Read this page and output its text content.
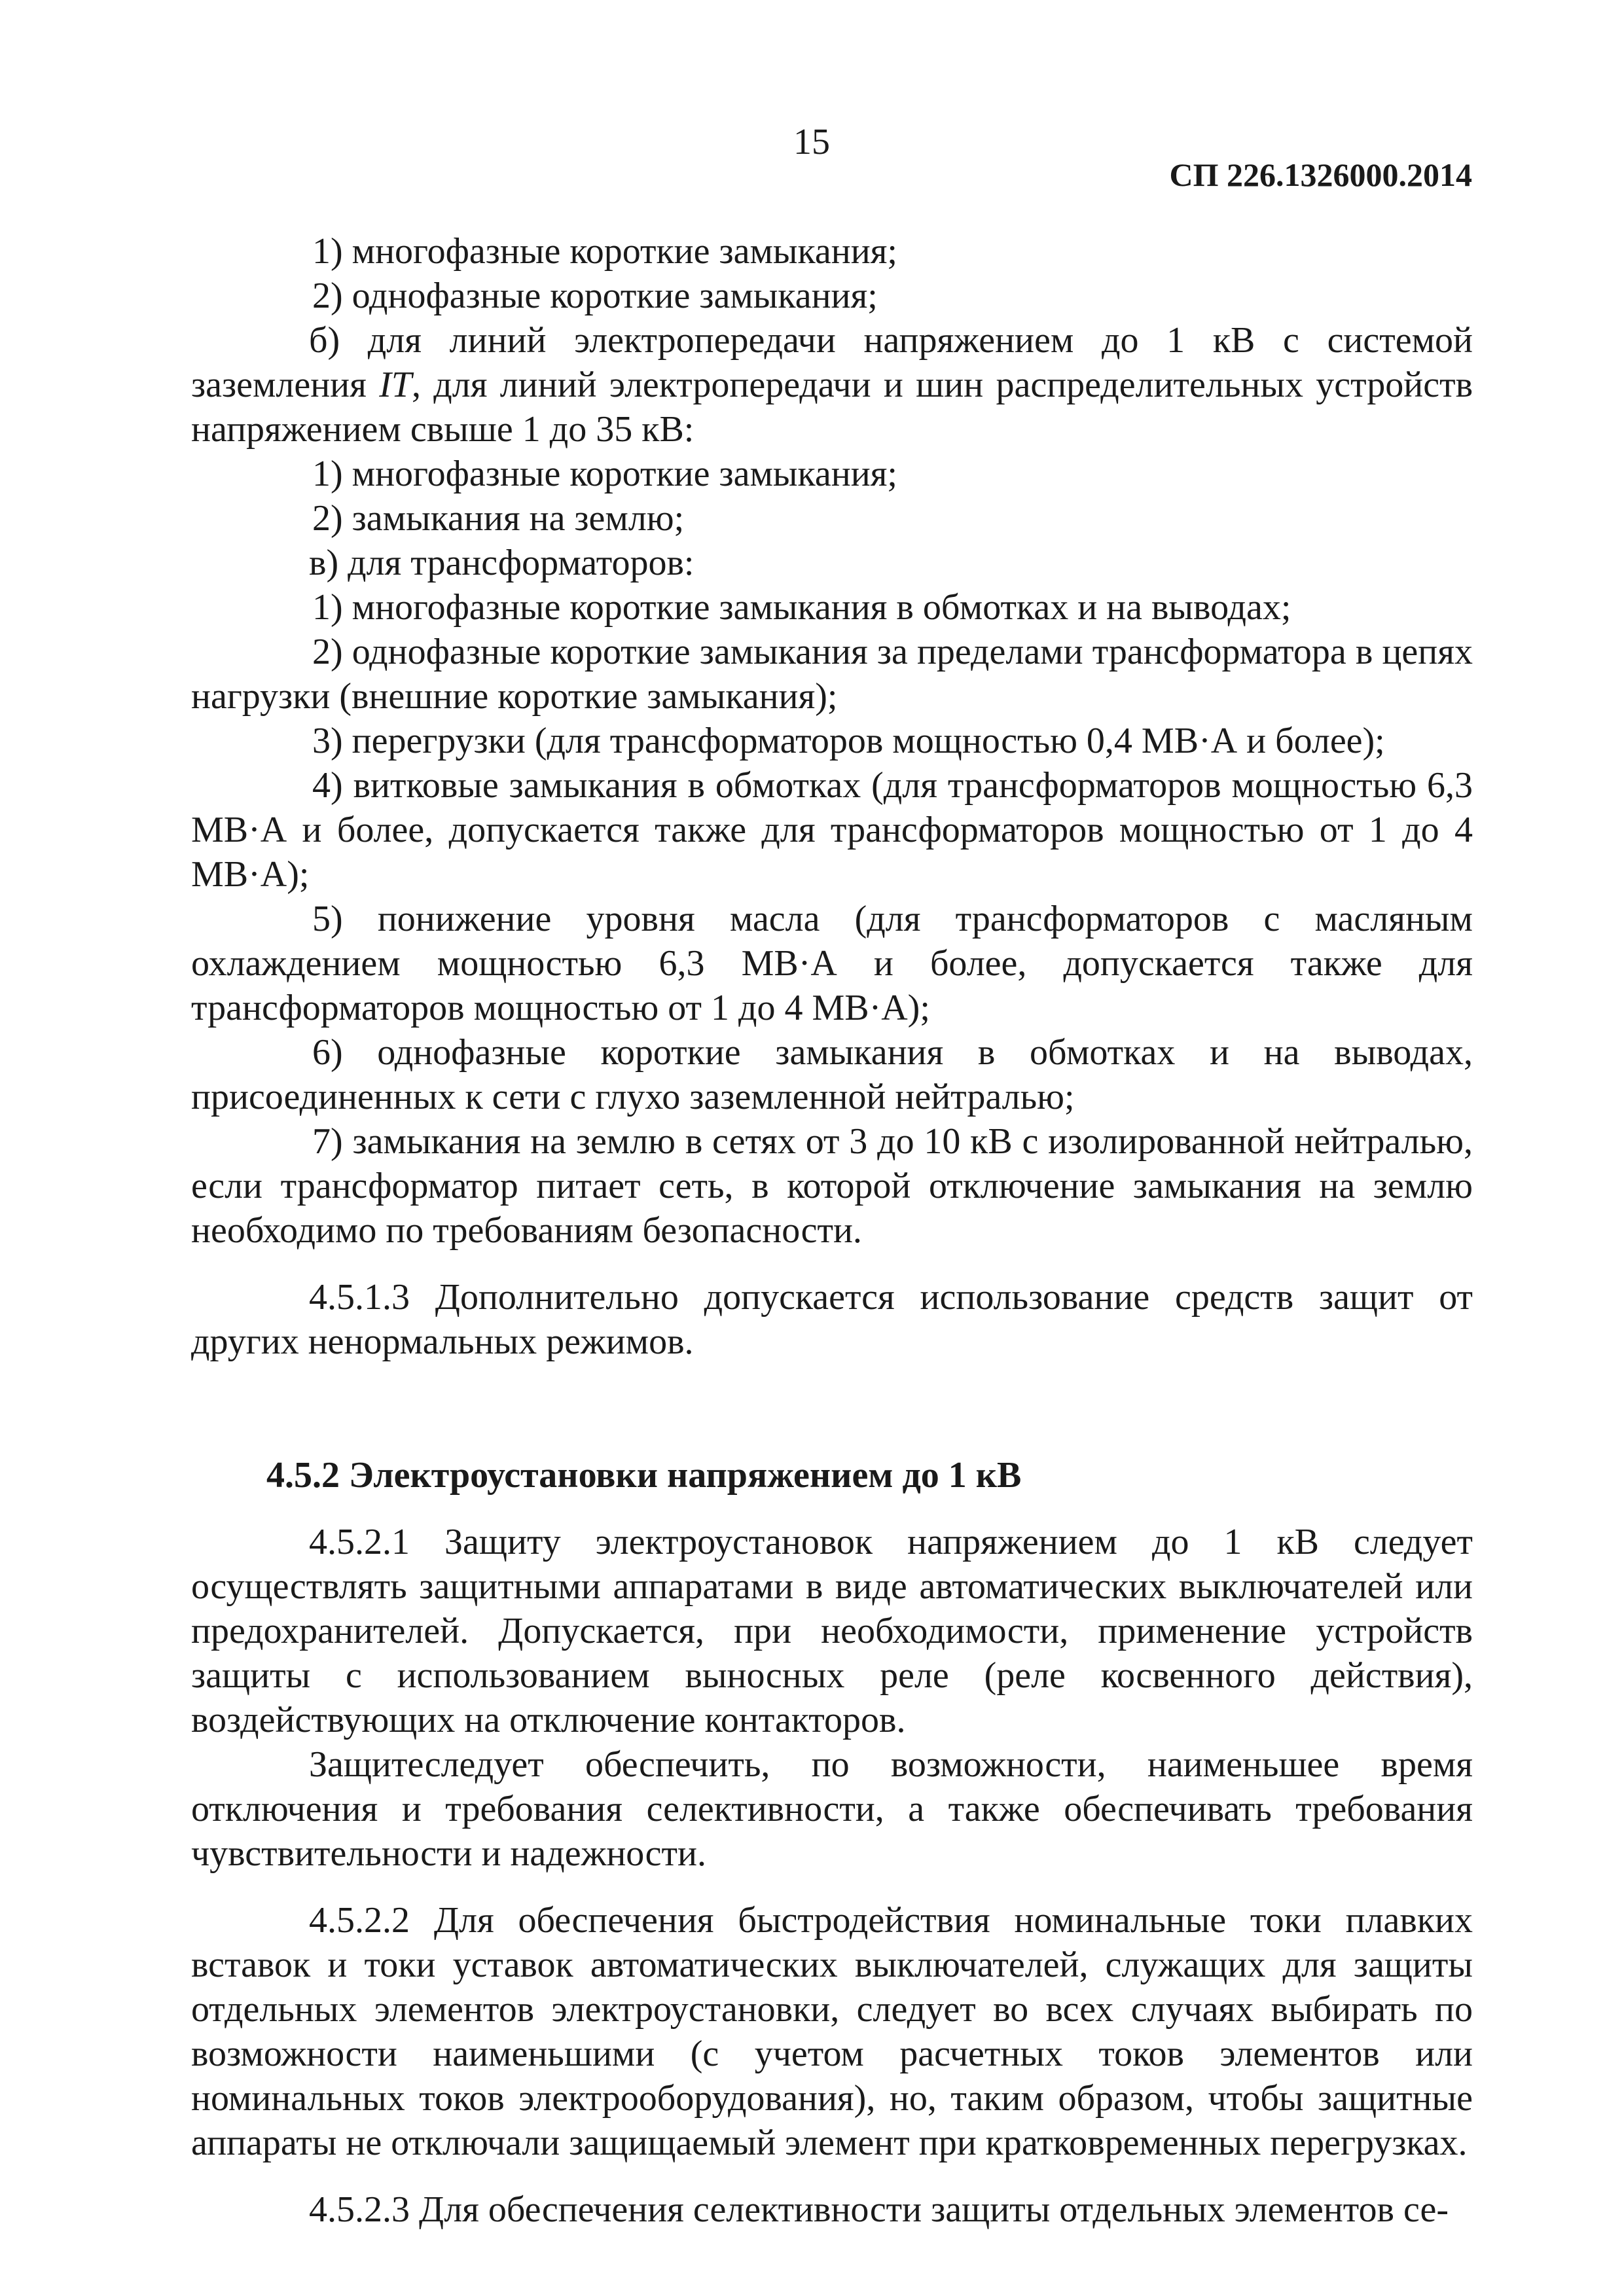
15
СП 226.1326000.2014

1) многофазные короткие замыкания;

2) однофазные короткие замыкания;

б) для линий электропередачи напряжением до 1 кВ с системой заземления IT, для линий электропередачи и шин распределительных устройств напряжением свыше 1 до 35 кВ:

1) многофазные короткие замыкания;

2) замыкания на землю;

в) для трансформаторов:

1) многофазные короткие замыкания в обмотках и на выводах;

2) однофазные короткие замыкания за пределами трансформатора в цепях нагрузки (внешние короткие замыкания);

3) перегрузки (для трансформаторов мощностью 0,4 МВ·А и более);

4) витковые замыкания в обмотках (для трансформаторов мощностью 6,3 МВ·А и более, допускается также для трансформаторов мощностью от 1 до 4 МВ·А);

5) понижение уровня масла (для трансформаторов с масляным охлаждением мощностью 6,3 МВ·А и более, допускается также для трансформаторов мощностью от 1 до 4 МВ·А);

6) однофазные короткие замыкания в обмотках и на выводах, присоединенных к сети с глухо заземленной нейтралью;

7) замыкания на землю в сетях от 3 до 10 кВ с изолированной нейтралью, если трансформатор питает сеть, в которой отключение замыкания на землю необходимо по требованиям безопасности.

4.5.1.3 Дополнительно допускается использование средств защит от других ненормальных режимов.

4.5.2 Электроустановки напряжением до 1 кВ

4.5.2.1 Защиту электроустановок напряжением до 1 кВ следует осуществлять защитными аппаратами в виде автоматических выключателей или предохранителей. Допускается, при необходимости, применение устройств защиты с использованием выносных реле (реле косвенного действия), воздействующих на отключение контакторов.

Защитеследует обеспечить, по возможности, наименьшее время отключения и требования селективности, а также обеспечивать требования чувствительности и надежности.

4.5.2.2 Для обеспечения быстродействия номинальные токи плавких вставок и токи уставок автоматических выключателей, служащих для защиты отдельных элементов электроустановки, следует во всех случаях выбирать по возможности наименьшими (с учетом расчетных токов элементов или номинальных токов электрооборудования), но, таким образом, чтобы защитные аппараты не отключали защищаемый элемент при кратковременных перегрузках.

4.5.2.3 Для обеспечения селективности защиты отдельных элементов се-
